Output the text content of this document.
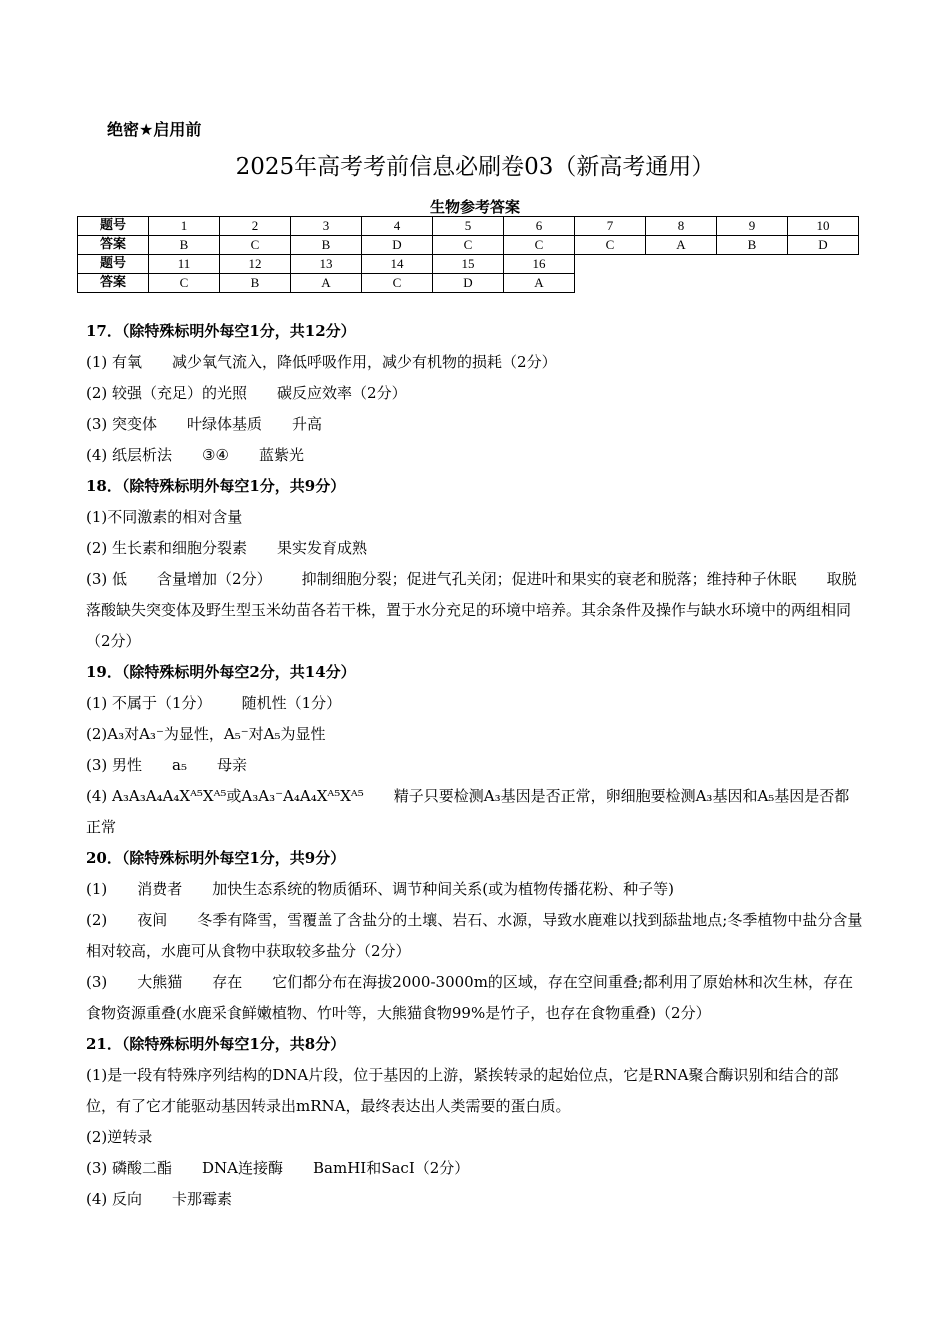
绝密★启用前
2025年高考考前信息必刷卷03（新高考通用）
生物参考答案
题号	1	2	3	4	5	6	7	8	9	10
答案	B	C	B	D	C	C	C	A	B	D
题号	11	12	13	14	15	16				
答案	C	B	A	C	D	A				

17．（除特殊标明外每空1分，共12分）

(1) 有氧 减少氧气流入，降低呼吸作用，减少有机物的损耗（2分）

(2) 较强（充足）的光照 碳反应效率（2分）

(3) 突变体 叶绿体基质 升高

(4) 纸层析法 ③④ 蓝紫光

18．（除特殊标明外每空1分，共9分）

(1)不同激素的相对含量

(2) 生长素和细胞分裂素 果实发育成熟

(3) 低 含量增加（2分） 抑制细胞分裂；促进气孔关闭；促进叶和果实的衰老和脱落；维持种子休眠 取脱落酸缺失突变体及野生型玉米幼苗各若干株，置于水分充足的环境中培养。其余条件及操作与缺水环境中的两组相同（2分）

19．（除特殊标明外每空2分，共14分）

(1) 不属于（1分） 随机性（1分）

(2)A₃对A₃⁻为显性，A₅⁻对A₅为显性

(3) 男性 a₅ 母亲

(4) A₃A₃A₄A₄Xᴬ⁵Xᴬ⁵或A₃A₃⁻A₄A₄Xᴬ⁵Xᴬ⁵ 精子只要检测A₃基因是否正常，卵细胞要检测A₃基因和A₅基因是否都正常

20．（除特殊标明外每空1分，共9分）

(1) 消费者 加快生态系统的物质循环、调节种间关系(或为植物传播花粉、种子等)

(2) 夜间 冬季有降雪，雪覆盖了含盐分的土壤、岩石、水源，导致水鹿难以找到舔盐地点;冬季植物中盐分含量相对较高，水鹿可从食物中获取较多盐分（2分）

(3) 大熊猫 存在 它们都分布在海拔2000-3000m的区域，存在空间重叠;都利用了原始林和次生林，存在食物资源重叠(水鹿采食鲜嫩植物、竹叶等，大熊猫食物99%是竹子，也存在食物重叠)（2分）

21．（除特殊标明外每空1分，共8分）

(1)是一段有特殊序列结构的DNA片段，位于基因的上游，紧挨转录的起始位点，它是RNA聚合酶识别和结合的部位，有了它才能驱动基因转录出mRNA，最终表达出人类需要的蛋白质。

(2)逆转录

(3) 磷酸二酯 DNA连接酶 BamHI和SacI（2分）

(4) 反向 卡那霉素
